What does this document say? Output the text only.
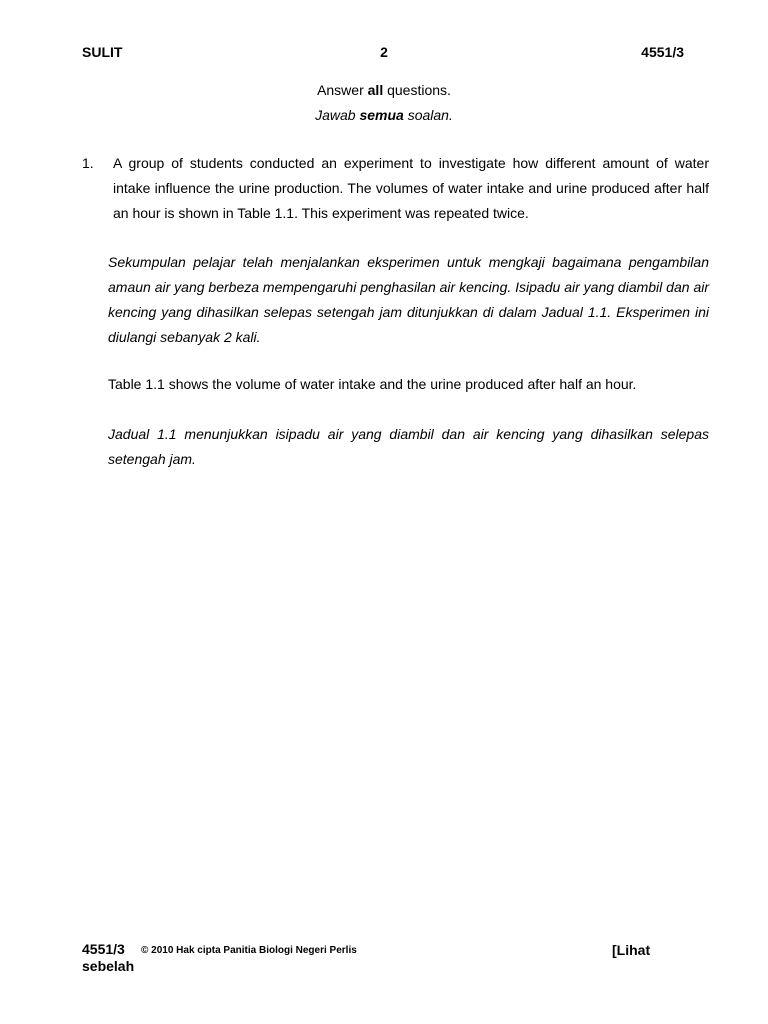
SULIT	2	4551/3
Answer all questions.
Jawab semua soalan.
1. A group of students conducted an experiment to investigate how different amount of water intake influence the urine production. The volumes of water intake and urine produced after half an hour is shown in Table 1.1. This experiment was repeated twice.
Sekumpulan pelajar telah menjalankan eksperimen untuk mengkaji bagaimana pengambilan amaun air yang berbeza mempengaruhi penghasilan air kencing. Isipadu air yang diambil dan air kencing yang dihasilkan selepas setengah jam ditunjukkan di dalam Jadual 1.1. Eksperimen ini diulangi sebanyak 2 kali.
Table 1.1 shows the volume of water intake and the urine produced after half an hour.
Jadual 1.1 menunjukkan isipadu air yang diambil dan air kencing yang dihasilkan selepas setengah jam.
4551/3 © 2010 Hak cipta Panitia Biologi Negeri Perlis	[Lihat
sebelah
